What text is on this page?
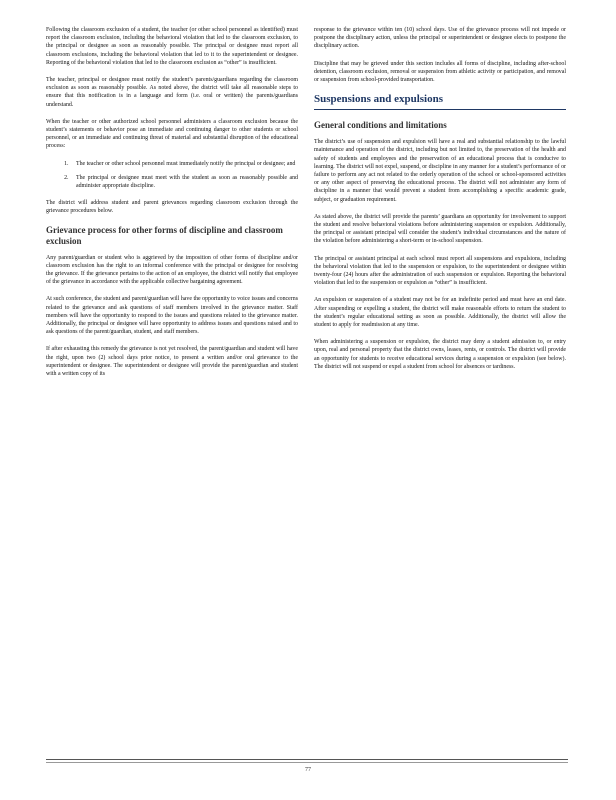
Following the classroom exclusion of a student, the teacher (or other school personnel as identified) must report the classroom exclusion, including the behavioral violation that led to the classroom exclusion, to the principal or designee as soon as reasonably possible. The principal or designee must report all classroom exclusions, including the behavioral violation that led to it to the superintendent or designee. Reporting of the behavioral violation that led to the classroom exclusion as “other” is insufficient.

The teacher, principal or designee must notify the student’s parents/guardians regarding the classroom exclusion as soon as reasonably possible. As noted above, the district will take all reasonable steps to ensure that this notification is in a language and form (i.e. oral or written) the parents/guardians understand.

When the teacher or other authorized school personnel administers a classroom exclusion because the student’s statements or behavior pose an immediate and continuing danger to other students or school personnel, or an immediate and continuing threat of material and substantial disruption of the educational process:

1. The teacher or other school personnel must immediately notify the principal or designee; and
2. The principal or designee must meet with the student as soon as reasonably possible and administer appropriate discipline.

The district will address student and parent grievances regarding classroom exclusion through the grievance procedures below.

Grievance process for other forms of discipline and classroom exclusion

Any parent/guardian or student who is aggrieved by the imposition of other forms of discipline and/or classroom exclusion has the right to an informal conference with the principal or designee for resolving the grievance. If the grievance pertains to the action of an employee, the district will notify that employee of the grievance in accordance with the applicable collective bargaining agreement.

At such conference, the student and parent/guardian will have the opportunity to voice issues and concerns related to the grievance and ask questions of staff members involved in the grievance matter. Staff members will have the opportunity to respond to the issues and questions related to the grievance matter. Additionally, the principal or designee will have opportunity to address issues and questions raised and to ask questions of the parent/guardian, student, and staff members.

If after exhausting this remedy the grievance is not yet resolved, the parent/guardian and student will have the right, upon two (2) school days prior notice, to present a written and/or oral grievance to the superintendent or designee. The superintendent or designee will provide the parent/guardian and student with a written copy of its

response to the grievance within ten (10) school days. Use of the grievance process will not impede or postpone the disciplinary action, unless the principal or superintendent or designee elects to postpone the disciplinary action.

Discipline that may be grieved under this section includes all forms of discipline, including after-school detention, classroom exclusion, removal or suspension from athletic activity or participation, and removal or suspension from school-provided transportation.

Suspensions and expulsions
General conditions and limitations

The district’s use of suspension and expulsion will have a real and substantial relationship to the lawful maintenance and operation of the district, including but not limited to, the preservation of the health and safety of students and employees and the preservation of an educational process that is conducive to learning. The district will not expel, suspend, or discipline in any manner for a student’s performance of or failure to perform any act not related to the orderly operation of the school or school-sponsored activities or any other aspect of preserving the educational process. The district will not administer any form of discipline in a manner that would prevent a student from accomplishing a specific academic grade, subject, or graduation requirement.

As stated above, the district will provide the parents’ guardians an opportunity for involvement to support the student and resolve behavioral violations before administering suspension or expulsion. Additionally, the principal or assistant principal will consider the student’s individual circumstances and the nature of the violation before administering a short-term or in-school suspension.

The principal or assistant principal at each school must report all suspensions and expulsions, including the behavioral violation that led to the suspension or expulsion, to the superintendent or designee within twenty-four (24) hours after the administration of such suspension or expulsion. Reporting the behavioral violation that led to the suspension or expulsion as “other” is insufficient.

An expulsion or suspension of a student may not be for an indefinite period and must have an end date. After suspending or expelling a student, the district will make reasonable efforts to return the student to the student’s regular educational setting as soon as possible. Additionally, the district will allow the student to apply for readmission at any time.

When administering a suspension or expulsion, the district may deny a student admission to, or entry upon, real and personal property that the district owns, leases, rents, or controls. The district will provide an opportunity for students to receive educational services during a suspension or expulsion (see below). The district will not suspend or expel a student from school for absences or tardiness.

77
